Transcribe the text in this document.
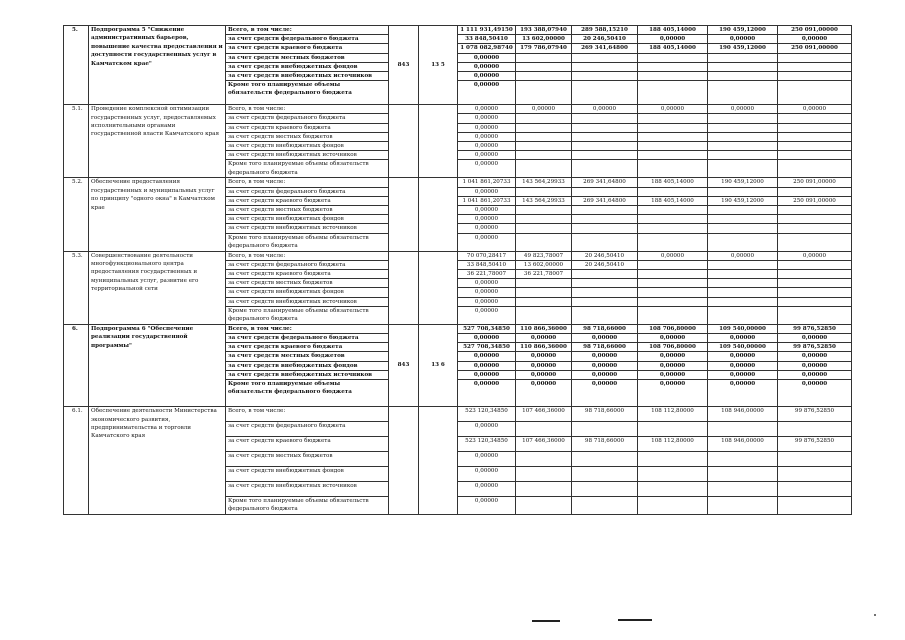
5.	Подпрограмма 5 "Снижение административных барьеров, повышение качества предоставления и доступности государственных услуг в Камчатском крае"	Всего, в том числе:	843	13 5	1 111 931,49150	193 388,07940	289 588,15210	188 405,14000	190 459,12000	250 091,00000
		за счет средств федерального бюджета			33 848,50410	13 602,00000	20 246,50410	0,00000	0,00000	0,00000
		за счет средств краевого бюджета			1 078 082,98740	179 786,07940	269 341,64800	188 405,14000	190 459,12000	250 091,00000
		за счет средств местных бюджетов			0,00000					
		за счет средств внебюджетных фондов			0,00000					
		за счет средств внебюджетных источников			0,00000					
		Кроме того планируемые объемы обязательств федерального бюджета			0,00000					
5.1.	Проведение комплексной оптимизации государственных услуг, предоставляемых исполнительными органами государственной власти Камчатского края	Всего, в том числе:			0,00000	0,00000	0,00000	0,00000	0,00000	0,00000
		за счет средств федерального бюджета			0,00000					
		за счет средств краевого бюджета			0,00000					
		за счет средств местных бюджетов			0,00000					
		за счет средств внебюджетных фондов			0,00000					
		за счет средств внебюджетных источников			0,00000					
		Кроме того планируемые объемы обязательств федерального бюджета			0,00000					
5.2.	Обеспечение предоставления государственных и муниципальных услуг по принципу "одного окна" в Камчатском крае	Всего, в том числе:			1 041 861,20733	143 564,29933	269 341,64800	188 405,14000	190 459,12000	250 091,00000
		за счет средств федерального бюджета			0,00000					
		за счет средств краевого бюджета			1 041 861,20733	143 564,29933	269 341,64800	188 405,14000	190 459,12000	250 091,00000
		за счет средств местных бюджетов			0,00000					
		за счет средств внебюджетных фондов			0,00000					
		за счет средств внебюджетных источников			0,00000					
		Кроме того планируемые объемы обязательств федерального бюджета			0,00000					
5.3.	Совершенствование деятельности многофункционального центра предоставления государственных и муниципальных услуг, развитие его территориальной сети	Всего, в том числе:			70 070,28417	49 823,78007	20 246,50410	0,00000	0,00000	0,00000
		за счет средств федерального бюджета			33 848,50410	13 602,00000	20 246,50410			
		за счет средств краевого бюджета			36 221,78007	36 221,78007				
		за счет средств местных бюджетов			0,00000					
		за счет средств внебюджетных фондов			0,00000					
		за счет средств внебюджетных источников			0,00000					
		Кроме того планируемые объемы обязательств федерального бюджета			0,00000					
6.	Подпрограмма 6 "Обеспечение реализации государственной программы"	Всего, в том числе:	843	13 6	527 708,34850	110 866,36000	98 718,66000	108 706,80000	109 540,00000	99 876,52850
		за счет средств федерального бюджета			0,00000	0,00000	0,00000	0,00000	0,00000	0,00000
		за счет средств краевого бюджета			527 708,34850	110 866,36000	98 718,66000	108 706,80000	109 540,00000	99 876,52850
		за счет средств местных бюджетов			0,00000	0,00000	0,00000	0,00000	0,00000	0,00000
		за счет средств внебюджетных фондов			0,00000	0,00000	0,00000	0,00000	0,00000	0,00000
		за счет средств внебюджетных источников			0,00000	0,00000	0,00000	0,00000	0,00000	0,00000
		Кроме того планируемые объемы обязательств федерального бюджета			0,00000	0,00000	0,00000	0,00000	0,00000	0,00000
6.1.	Обеспечение деятельности Министерства экономического развития, предпринимательства и торговли Камчатского края	Всего, в том числе:			523 120,34850	107 466,36000	98 718,66000	108 112,80000	108 946,00000	99 876,52850
		за счет средств федерального бюджета			0,00000					
		за счет средств краевого бюджета			523 120,34850	107 466,36000	98 718,66000	108 112,80000	108 946,00000	99 876,52850
		за счет средств местных бюджетов			0,00000					
		за счет средств внебюджетных фондов			0,00000					
		за счет средств внебюджетных источников			0,00000					
		Кроме того планируемые объемы обязательств федерального бюджета			0,00000					
